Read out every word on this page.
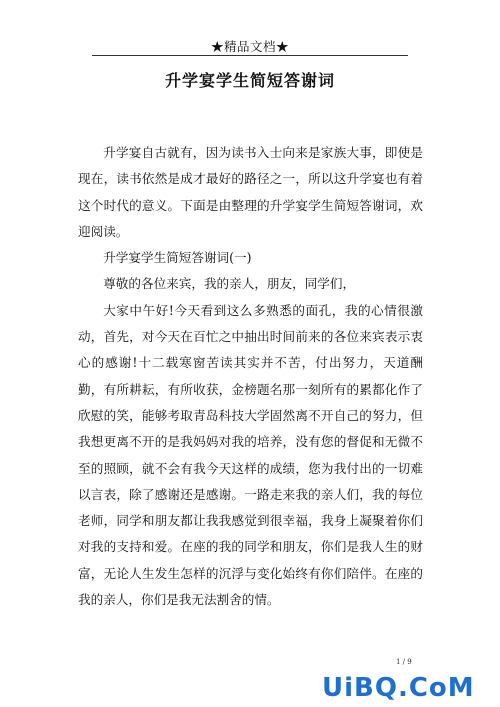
★精品文档★
升学宴学生简短答谢词

升学宴自古就有，因为读书入士向来是家族大事，即使是现在，读书依然是成才最好的路径之一，所以这升学宴也有着这个时代的意义。下面是由整理的升学宴学生简短答谢词，欢迎阅读。

升学宴学生简短答谢词(一)

尊敬的各位来宾，我的亲人，朋友，同学们，

大家中午好!今天看到这么多熟悉的面孔，我的心情很激动，首先，对今天在百忙之中抽出时间前来的各位来宾表示衷心的感谢!十二载寒窗苦读其实并不苦，付出努力，天道酬勤，有所耕耘，有所收获，金榜题名那一刻所有的累都化作了欣慰的笑，能够考取青岛科技大学固然离不开自己的努力，但我想更离不开的是我妈妈对我的培养，没有您的督促和无微不至的照顾，就不会有我今天这样的成绩，您为我付出的一切难以言表，除了感谢还是感谢。一路走来我的亲人们，我的每位老师，同学和朋友都让我我感觉到很幸福，我身上凝聚着你们对我的支持和爱。在座的我的同学和朋友，你们是我人生的财富，无论人生发生怎样的沉浮与变化始终有你们陪伴。在座的我的亲人，你们是我无法割舍的情。

1 / 9
UiBQ.CoM
